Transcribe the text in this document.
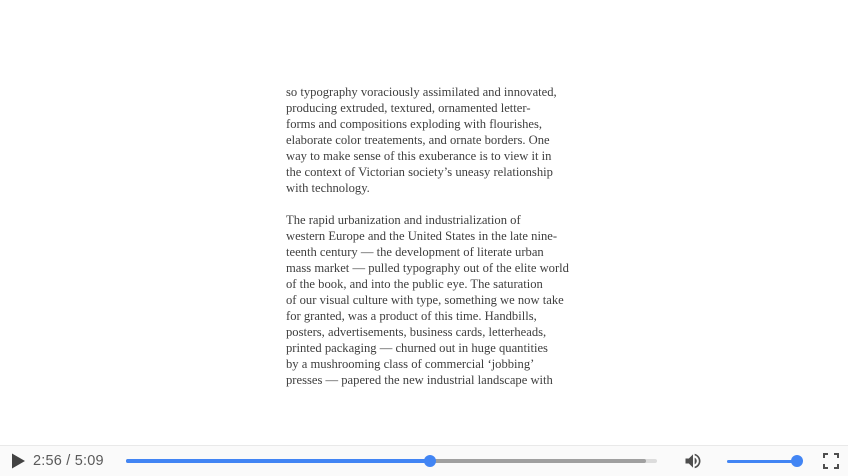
so typography voraciously assimilated and innovated,
producing extruded, textured, ornamented letter-
forms and compositions exploding with flourishes,
elaborate color treatements, and ornate borders. One
way to make sense of this exuberance is to view it in
the context of Victorian society’s uneasy relationship
with technology.
The rapid urbanization and industrialization of
western Europe and the United States in the late nine-
teenth century — the development of literate urban
mass market — pulled typography out of the elite world
of the book, and into the public eye. The saturation
of our visual culture with type, something we now take
for granted, was a product of this time. Handbills,
posters, advertisements, business cards, letterheads,
printed packaging — churned out in huge quantities
by a mushrooming class of commercial ‘jobbing’
presses — papered the new industrial landscape with
2:56 / 5:09
